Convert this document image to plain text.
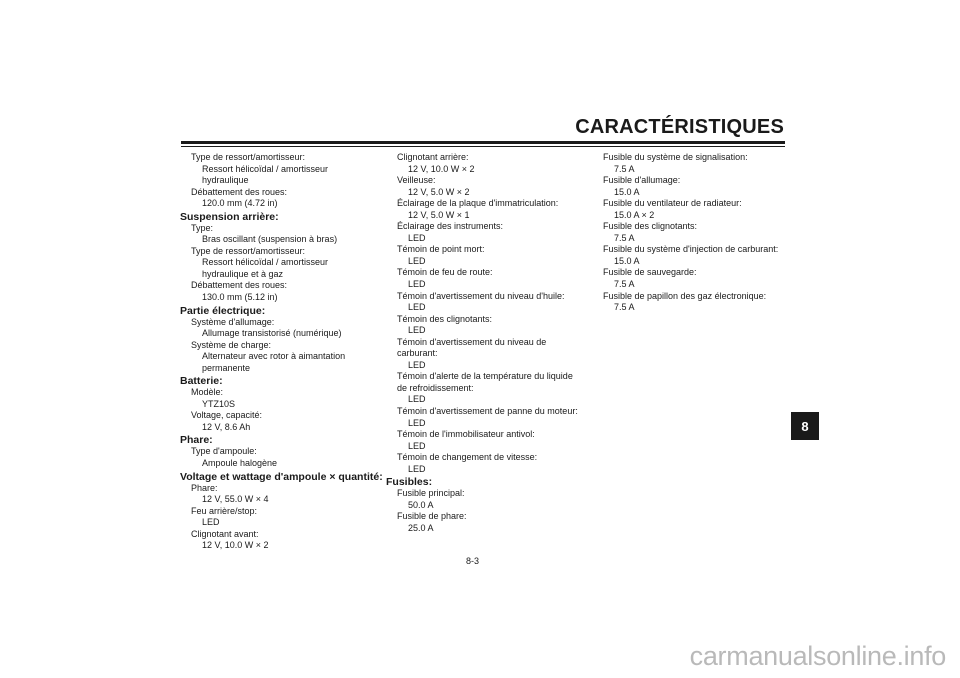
CARACTÉRISTIQUES
Type de ressort/amortisseur:
Ressort hélicoïdal / amortisseur
hydraulique
Débattement des roues:
120.0 mm (4.72 in)
Suspension arrière:
Type:
Bras oscillant (suspension à bras)
Type de ressort/amortisseur:
Ressort hélicoïdal / amortisseur
hydraulique et à gaz
Débattement des roues:
130.0 mm (5.12 in)
Partie électrique:
Système d'allumage:
Allumage transistorisé (numérique)
Système de charge:
Alternateur avec rotor à aimantation
permanente
Batterie:
Modèle:
YTZ10S
Voltage, capacité:
12 V, 8.6 Ah
Phare:
Type d'ampoule:
Ampoule halogène
Voltage et wattage d'ampoule × quantité:
Phare:
12 V, 55.0 W × 4
Feu arrière/stop:
LED
Clignotant avant:
12 V, 10.0 W × 2
Clignotant arrière:
12 V, 10.0 W × 2
Veilleuse:
12 V, 5.0 W × 2
Éclairage de la plaque d'immatriculation:
12 V, 5.0 W × 1
Éclairage des instruments:
LED
Témoin de point mort:
LED
Témoin de feu de route:
LED
Témoin d'avertissement du niveau d'huile:
LED
Témoin des clignotants:
LED
Témoin d'avertissement du niveau de
carburant:
LED
Témoin d'alerte de la température du liquide
de refroidissement:
LED
Témoin d'avertissement de panne du moteur:
LED
Témoin de l'immobilisateur antivol:
LED
Témoin de changement de vitesse:
LED
Fusibles:
Fusible principal:
50.0 A
Fusible de phare:
25.0 A
Fusible du système de signalisation:
7.5 A
Fusible d'allumage:
15.0 A
Fusible du ventilateur de radiateur:
15.0 A × 2
Fusible des clignotants:
7.5 A
Fusible du système d'injection de carburant:
15.0 A
Fusible de sauvegarde:
7.5 A
Fusible de papillon des gaz électronique:
7.5 A
8
8-3
carmanualsonline.info
